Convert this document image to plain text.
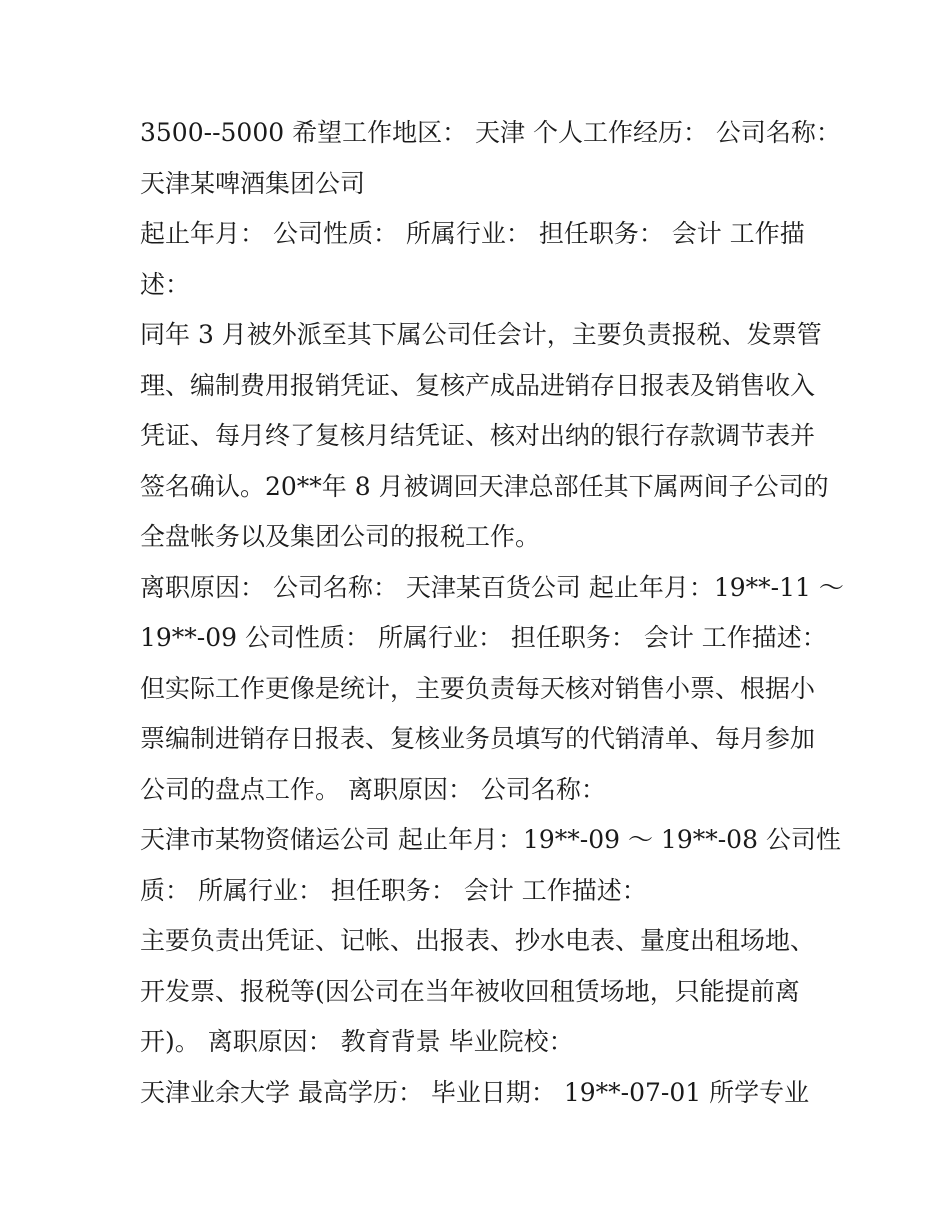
3500--5000 希望工作地区： 天津 个人工作经历： 公司名称：
天津某啤酒集团公司
起止年月： 公司性质： 所属行业： 担任职务： 会计 工作描
述：
同年 3 月被外派至其下属公司任会计，主要负责报税、发票管
理、编制费用报销凭证、复核产成品进销存日报表及销售收入
凭证、每月终了复核月结凭证、核对出纳的银行存款调节表并
签名确认。20**年 8 月被调回天津总部任其下属两间子公司的
全盘帐务以及集团公司的报税工作。
离职原因： 公司名称： 天津某百货公司 起止年月：19**-11 ～
19**-09 公司性质： 所属行业： 担任职务： 会计 工作描述：
但实际工作更像是统计，主要负责每天核对销售小票、根据小
票编制进销存日报表、复核业务员填写的代销清单、每月参加
公司的盘点工作。 离职原因： 公司名称：
天津市某物资储运公司 起止年月：19**-09 ～ 19**-08 公司性
质： 所属行业： 担任职务： 会计 工作描述：
主要负责出凭证、记帐、出报表、抄水电表、量度出租场地、
开发票、报税等(因公司在当年被收回租赁场地，只能提前离
开)。 离职原因： 教育背景 毕业院校：
天津业余大学 最高学历： 毕业日期： 19**-07-01 所学专业
